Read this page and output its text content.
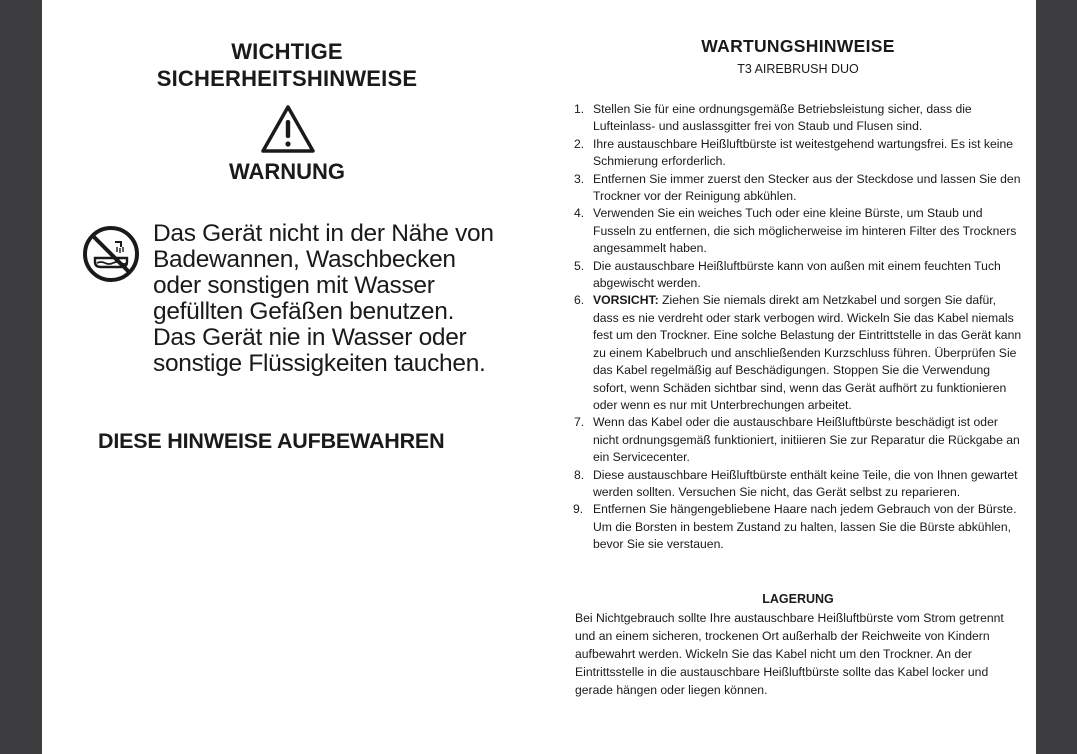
WICHTIGE
SICHERHEITSHINWEISE
WARNUNG
Das Gerät nicht in der Nähe von
Badewannen, Waschbecken
oder sonstigen mit Wasser
gefüllten Gefäßen benutzen.
Das Gerät nie in Wasser oder
sonstige Flüssigkeiten tauchen.
DIESE HINWEISE AUFBEWAHREN
WARTUNGSHINWEISE
T3 AIREBRUSH DUO
1. Stellen Sie für eine ordnungsgemäße Betriebsleistung sicher, dass die Lufteinlass- und auslassgitter frei von Staub und Flusen sind.
2. Ihre austauschbare Heißluftbürste ist weitestgehend wartungsfrei. Es ist keine Schmierung erforderlich.
3. Entfernen Sie immer zuerst den Stecker aus der Steckdose und lassen Sie den Trockner vor der Reinigung abkühlen.
4. Verwenden Sie ein weiches Tuch oder eine kleine Bürste, um Staub und Fusseln zu entfernen, die sich möglicherweise im hinteren Filter des Trockners angesammelt haben.
5. Die austauschbare Heißluftbürste kann von außen mit einem feuchten Tuch abgewischt werden.
6. VORSICHT: Ziehen Sie niemals direkt am Netzkabel und sorgen Sie dafür, dass es nie verdreht oder stark verbogen wird. Wickeln Sie das Kabel niemals fest um den Trockner. Eine solche Belastung der Eintrittstelle in das Gerät kann zu einem Kabelbruch und anschließenden Kurzschluss führen. Überprüfen Sie das Kabel regelmäßig auf Beschädigungen. Stoppen Sie die Verwendung sofort, wenn Schäden sichtbar sind, wenn das Gerät aufhört zu funktionieren oder wenn es nur mit Unterbrechungen arbeitet.
7. Wenn das Kabel oder die austauschbare Heißluftbürste beschädigt ist oder nicht ordnungsgemäß funktioniert, initiieren Sie zur Reparatur die Rückgabe an ein Servicecenter.
8. Diese austauschbare Heißluftbürste enthält keine Teile, die von Ihnen gewartet werden sollten. Versuchen Sie nicht, das Gerät selbst zu reparieren.
9. Entfernen Sie hängengebliebene Haare nach jedem Gebrauch von der Bürste. Um die Borsten in bestem Zustand zu halten, lassen Sie die Bürste abkühlen, bevor Sie sie verstauen.
LAGERUNG
Bei Nichtgebrauch sollte Ihre austauschbare Heißluftbürste vom Strom getrennt und an einem sicheren, trockenen Ort außerhalb der Reichweite von Kindern aufbewahrt werden. Wickeln Sie das Kabel nicht um den Trockner. An der Eintrittsstelle in die austauschbare Heißluftbürste sollte das Kabel locker und gerade hängen oder liegen können.
